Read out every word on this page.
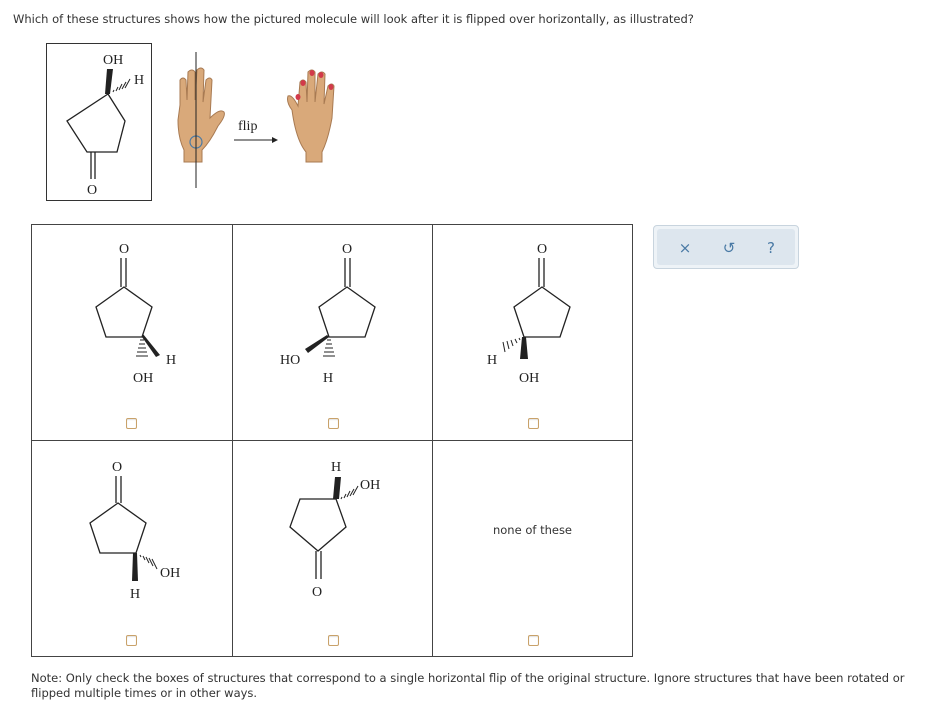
Which of these structures shows how the pictured molecule will look after it is flipped over horizontally, as illustrated?
OH
H
O
flip
O
H
OH
O
HO
H
O
H
OH
O
OH
H
H
OH
O
none of these
×	↺	?
Note: Only check the boxes of structures that correspond to a single horizontal flip of the original structure. Ignore structures that have been rotated or flipped multiple times or in other ways.
